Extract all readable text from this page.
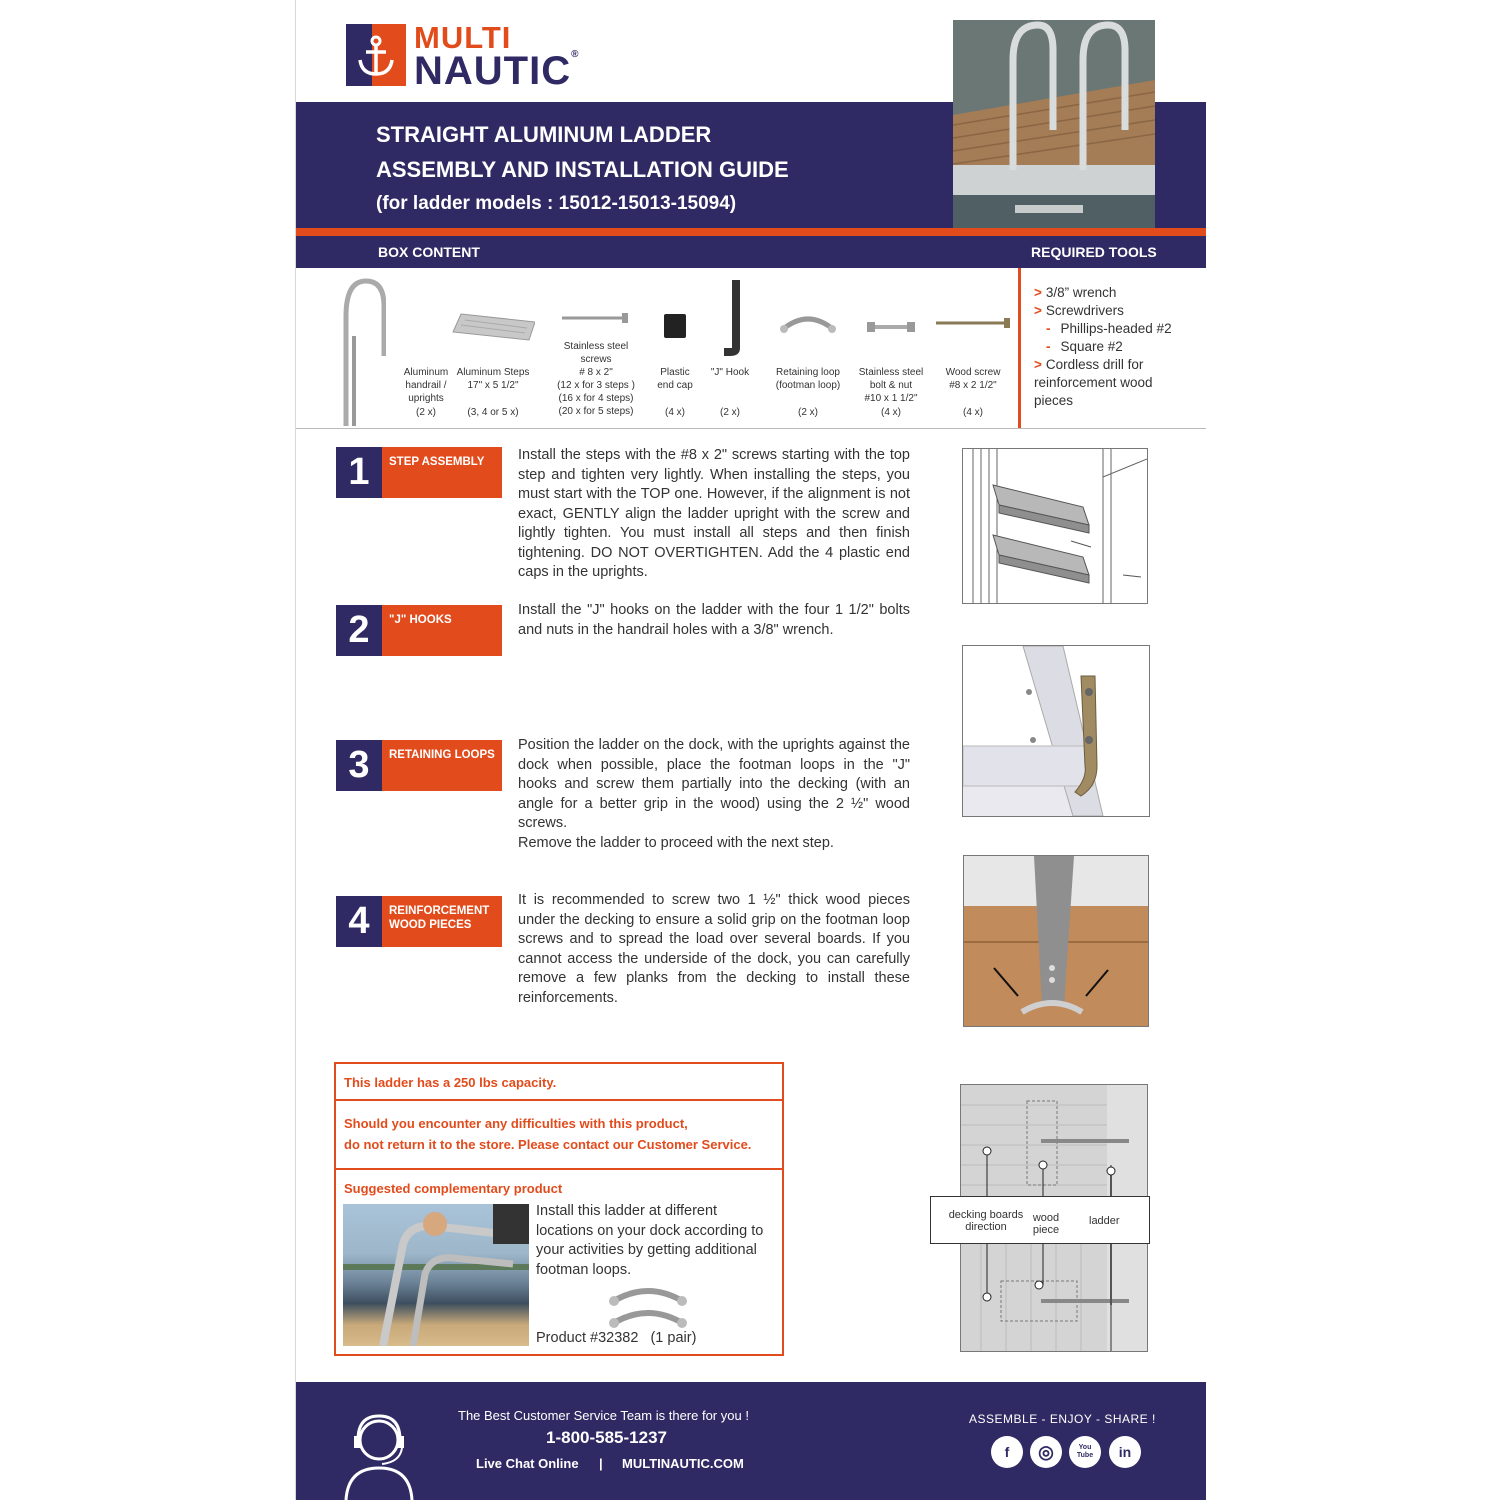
MULTI
NAUTIC®
STRAIGHT ALUMINUM LADDER
ASSEMBLY AND INSTALLATION GUIDE
(for ladder models : 15012-15013-15094)
BOX CONTENT	REQUIRED TOOLS
Aluminum
handrail /
uprights
(2 x)
Aluminum Steps
17" x 5 1/2"
(3, 4 or 5 x)
Stainless steel
screws
# 8 x 2"
(12 x for 3 steps )
(16 x for 4 steps)
(20 x for 5 steps)
Plastic
end cap
(4 x)
"J" Hook
(2 x)
Retaining loop
(footman loop)
(2 x)
Stainless steel
bolt & nut
#10 x 1 1/2"
(4 x)
Wood screw
#8 x 2 1/2"
(4 x)
> 3/8” wrench
> Screwdrivers
- Phillips-headed #2
- Square #2
> Cordless drill for
reinforcement wood
pieces
1	STEP ASSEMBLY	Install the steps with the #8 x 2" screws starting with the top step and tighten very lightly. When installing the steps, you must start with the TOP one. However, if the alignment is not exact, GENTLY align the ladder upright with the screw and lightly tighten. You must install all steps and then finish tightening. DO NOT OVERTIGHTEN. Add the 4 plastic end caps in the uprights.
2	"J" HOOKS
Install the "J" hooks on the ladder with the four 1 1/2" bolts and nuts in the handrail holes with a 3/8" wrench.
3	RETAINING LOOPS
Position the ladder on the dock, with the uprights against the dock when possible, place the footman loops in the "J" hooks and screw them partially into the decking (with an angle for a better grip in the wood) using the 2 ½" wood screws.
Remove the ladder to proceed with the next step.
4	REINFORCEMENT WOOD PIECES
It is recommended to screw two 1 ½" thick wood pieces under the decking to ensure a solid grip on the footman loop screws and to spread the load over several boards. If you cannot access the underside of the dock, you can carefully remove a few planks from the decking to install these reinforcements.
decking boards
direction
wood
piece
ladder
This ladder has a 250 lbs capacity.
Should you encounter any difficulties with this product,
do not return it to the store. Please contact our Customer Service.
Suggested complementary product
Install this ladder at different locations on your dock according to your activities by getting additional footman loops.
Product #32382   (1 pair)
The Best Customer Service Team is there for you !
1-800-585-1237
Live Chat Online | MULTINAUTIC.COM
ASSEMBLE - ENJOY - SHARE !
f	◎	You
Tube	in
